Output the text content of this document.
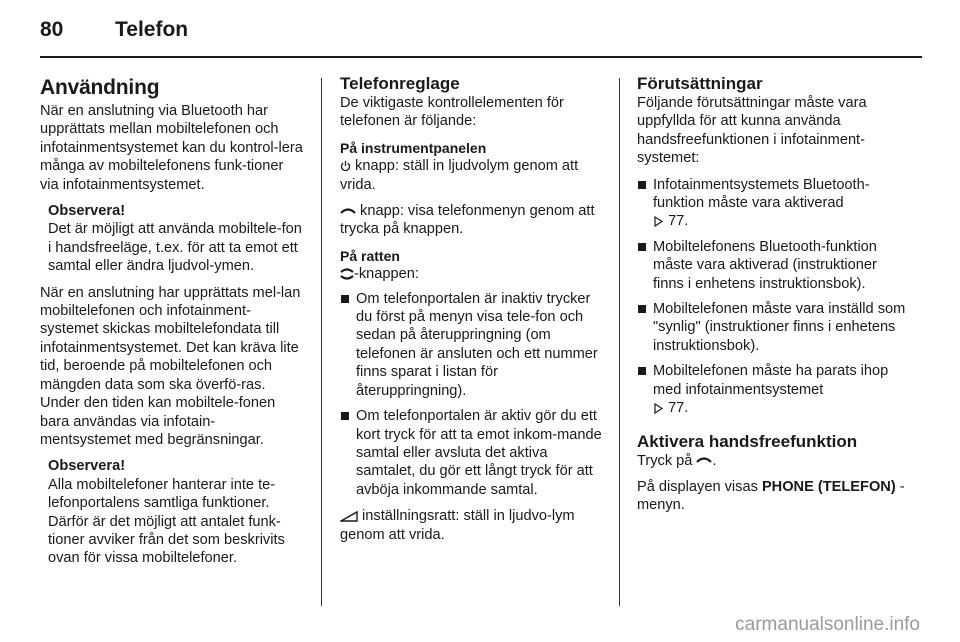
80	Telefon
Användning

När en anslutning via Bluetooth har upprättats mellan mobiltelefonen och infotainmentsystemet kan du kontrol-lera många av mobiltelefonens funk-tioner via infotainmentsystemet.

Observera!
Det är möjligt att använda mobiltele-fon i handsfreeläge, t.ex. för att ta emot ett samtal eller ändra ljudvol-ymen.

När en anslutning har upprättats mel-lan mobiltelefonen och infotainment-systemet skickas mobiltelefondata till infotainmentsystemet. Det kan kräva lite tid, beroende på mobiltelefonen och mängden data som ska överfö-ras. Under den tiden kan mobiltele-fonen bara användas via infotain-mentsystemet med begränsningar.

Observera!
Alla mobiltelefoner hanterar inte te-lefonportalens samtliga funktioner. Därför är det möjligt att antalet funk-tioner avviker från det som beskrivits ovan för vissa mobiltelefoner.
Telefonreglage

De viktigaste kontrollelementen för telefonen är följande:

På instrumentpanelen

knapp: ställ in ljudvolym genom att vrida.

knapp: visa telefonmenyn genom att trycka på knappen.

På ratten

-knappen:

Om telefonportalen är inaktiv trycker du först på menyn visa tele-fon och sedan på återuppringning (om telefonen är ansluten och ett nummer finns sparat i listan för återuppringning).
Om telefonportalen är aktiv gör du ett kort tryck för att ta emot inkom-mande samtal eller avsluta det aktiva samtalet, du gör ett långt tryck för att avböja inkommande samtal.

inställningsratt: ställ in ljudvo-lym genom att vrida.

Förutsättningar

Följande förutsättningar måste vara uppfyllda för att kunna använda handsfreefunktionen i infotainment-systemet:

Infotainmentsystemets Bluetooth-funktion måste vara aktiverad
77.
Mobiltelefonens Bluetooth-funktion måste vara aktiverad (instruktioner finns i enhetens instruktionsbok).
Mobiltelefonen måste vara inställd som "synlig" (instruktioner finns i enhetens instruktionsbok).
Mobiltelefonen måste ha parats ihop med infotainmentsystemet
77.
Aktivera handsfreefunktion

Tryck på .

På displayen visas PHONE (TELEFON) -menyn.

carmanualsonline.info
